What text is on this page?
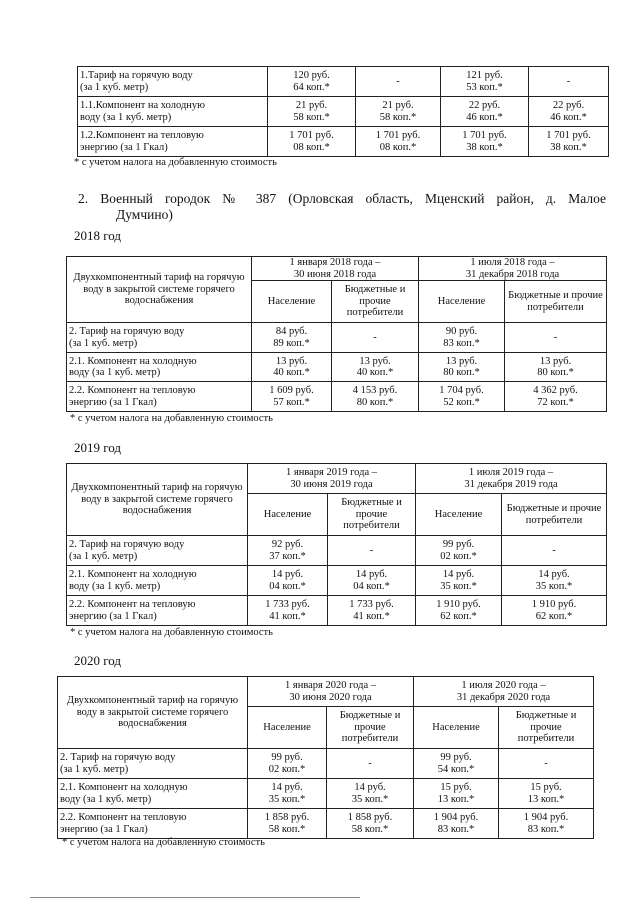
1.Тариф на горячую воду
(за 1 куб. метр)	120 руб.
64 коп.*	-	121 руб.
53 коп.*	-
1.1.Компонент на холодную
воду (за 1 куб. метр)	21 руб.
58 коп.*	21 руб.
58 коп.*	22 руб.
46 коп.*	22 руб.
46 коп.*
1.2.Компонент на тепловую
энергию (за 1 Гкал)	1 701 руб.
08 коп.*	1 701 руб.
08 коп.*	1 701 руб.
38 коп.*	1 701 руб.
38 коп.*
* с учетом налога на добавленную стоимость
2. Военный городок № 387 (Орловская область, Мценский район, д. Малое
Думчино)
2018 год
Двухкомпонентный тариф на горячую воду в закрытой системе горячего водоснабжения	1 января 2018 года –
30 июня 2018 года		1 июля 2018 года –
31 декабря 2018 года	
	Население	Бюджетные и прочие потребители	Население	Бюджетные и прочие потребители
2. Тариф на горячую воду
(за 1 куб. метр)	84 руб.
89 коп.*	-	90 руб.
83 коп.*	-
2.1. Компонент на холодную
воду (за 1 куб. метр)	13 руб.
40 коп.*	13 руб.
40 коп.*	13 руб.
80 коп.*	13 руб.
80 коп.*
2.2. Компонент на тепловую
энергию (за 1 Гкал)	1 609 руб.
57 коп.*	4 153 руб.
80 коп.*	1 704 руб.
52 коп.*	4 362 руб.
72 коп.*
* с учетом налога на добавленную стоимость
2019 год
Двухкомпонентный тариф на горячую воду в закрытой системе горячего водоснабжения	1 января 2019 года –
30 июня 2019 года		1 июля 2019 года –
31 декабря 2019 года	
	Население	Бюджетные и прочие потребители	Население	Бюджетные и прочие потребители
2. Тариф на горячую воду
(за 1 куб. метр)	92 руб.
37 коп.*	-	99 руб.
02 коп.*	-
2.1. Компонент на холодную
воду (за 1 куб. метр)	14 руб.
04 коп.*	14 руб.
04 коп.*	14 руб.
35 коп.*	14 руб.
35 коп.*
2.2. Компонент на тепловую
энергию (за 1 Гкал)	1 733 руб.
41 коп.*	1 733 руб.
41 коп.*	1 910 руб.
62 коп.*	1 910 руб.
62 коп.*
* с учетом налога на добавленную стоимость
2020 год
Двухкомпонентный тариф на горячую воду в закрытой системе горячего водоснабжения	1 января 2020 года –
30 июня 2020 года		1 июля 2020 года –
31 декабря 2020 года	
	Население	Бюджетные и прочие потребители	Население	Бюджетные и прочие потребители
2. Тариф на горячую воду
(за 1 куб. метр)	99 руб.
02 коп.*	-	99 руб.
54 коп.*	-
2.1. Компонент на холодную
воду (за 1 куб. метр)	14 руб.
35 коп.*	14 руб.
35 коп.*	15 руб.
13 коп.*	15 руб.
13 коп.*
2.2. Компонент на тепловую
энергию (за 1 Гкал)	1 858 руб.
58 коп.*	1 858 руб.
58 коп.*	1 904 руб.
83 коп.*	1 904 руб.
83 коп.*
* с учетом налога на добавленную стоимость
